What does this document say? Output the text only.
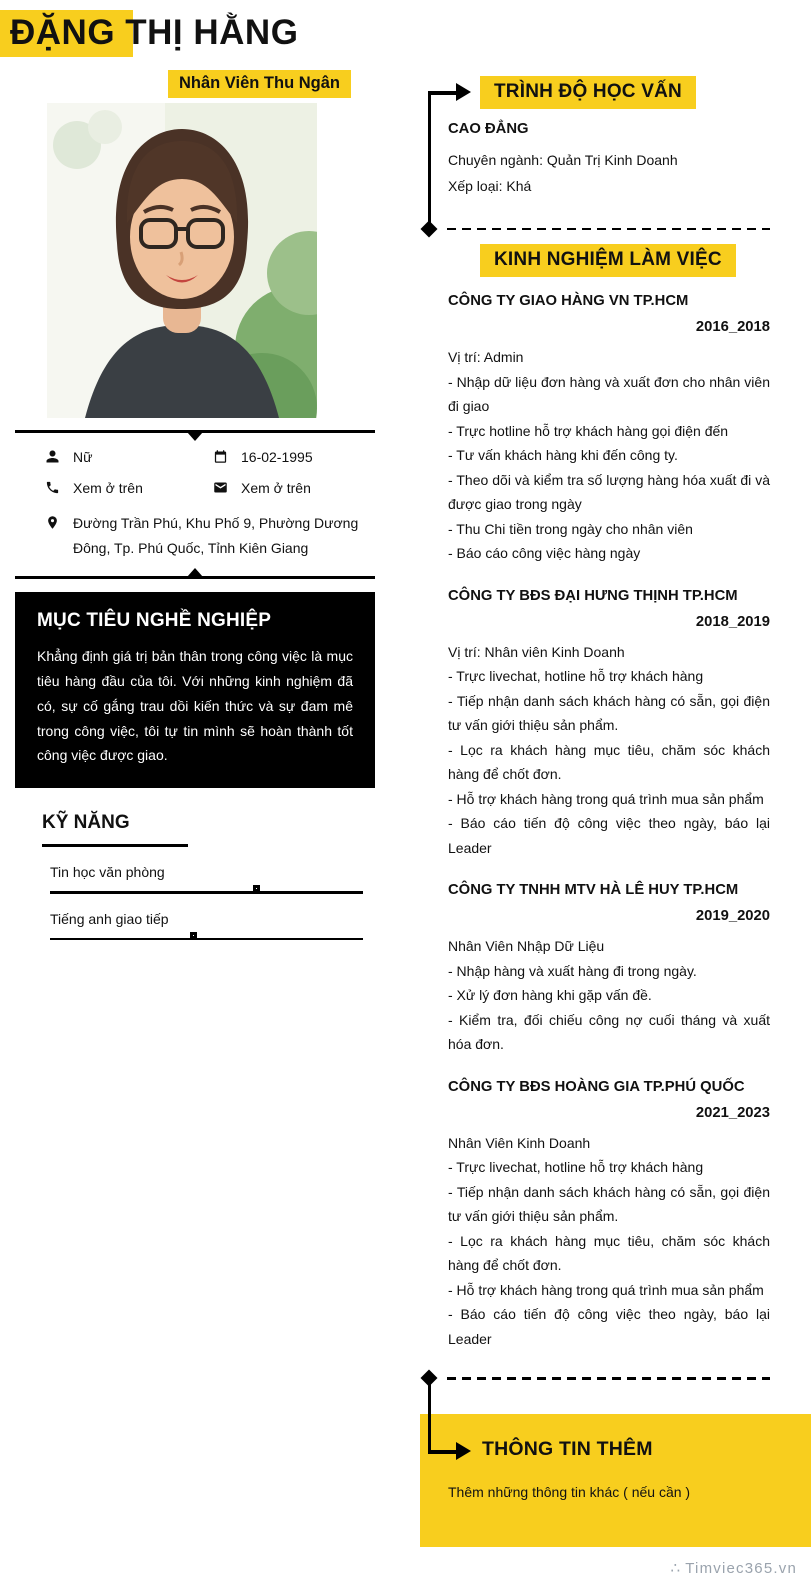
ĐẶNG THỊ HẰNG
Nhân Viên Thu Ngân
Nữ	16-02-1995
Xem ở trên	Xem ở trên
Đường Trần Phú, Khu Phố 9, Phường Dương Đông, Tp. Phú Quốc, Tỉnh Kiên Giang
MỤC TIÊU NGHỀ NGHIỆP
Khẳng định giá trị bản thân trong công việc là mục tiêu hàng đầu của tôi. Với những kinh nghiệm đã có, sự cố gắng trau dồi kiến thức và sự đam mê trong công việc, tôi tự tin mình sẽ hoàn thành tốt công việc được giao.
KỸ NĂNG
Tin học văn phòng
Tiếng anh giao tiếp
TRÌNH ĐỘ HỌC VẤN
CAO ĐẲNG
Chuyên ngành: Quản Trị Kinh Doanh
Xếp loại: Khá
KINH NGHIỆM LÀM VIỆC
CÔNG TY GIAO HÀNG VN TP.HCM
2016_2018
Vị trí: Admin
- Nhập dữ liệu đơn hàng và xuất đơn cho nhân viên đi giao
- Trực hotline hỗ trợ khách hàng gọi điện đến
- Tư vấn khách hàng khi đến công ty.
- Theo dõi và kiểm tra số lượng hàng hóa xuất đi và được giao trong ngày
- Thu Chi tiền trong ngày cho nhân viên
- Báo cáo công việc hàng ngày
CÔNG TY BĐS ĐẠI HƯNG THỊNH TP.HCM
2018_2019
Vị trí: Nhân viên Kinh Doanh
- Trực livechat, hotline hỗ trợ khách hàng
- Tiếp nhận danh sách khách hàng có sẵn, gọi điện tư vấn giới thiệu sản phẩm.
- Lọc ra khách hàng mục tiêu, chăm sóc khách hàng để chốt đơn.
- Hỗ trợ khách hàng trong quá trình mua sản phẩm
- Báo cáo tiến độ công việc theo ngày, báo lại Leader
CÔNG TY TNHH MTV HÀ LÊ HUY TP.HCM
2019_2020
Nhân Viên Nhập Dữ Liệu
- Nhập hàng và xuất hàng đi trong ngày.
- Xử lý đơn hàng khi gặp vấn đề.
- Kiểm tra, đối chiếu công nợ cuối tháng và xuất hóa đơn.
CÔNG TY BĐS HOÀNG GIA TP.PHÚ QUỐC
2021_2023
Nhân Viên Kinh Doanh
- Trực livechat, hotline hỗ trợ khách hàng
- Tiếp nhận danh sách khách hàng có sẵn, gọi điện tư vấn giới thiệu sản phẩm.
- Lọc ra khách hàng mục tiêu, chăm sóc khách hàng để chốt đơn.
- Hỗ trợ khách hàng trong quá trình mua sản phẩm
- Báo cáo tiến độ công việc theo ngày, báo lại Leader
THÔNG TIN THÊM
Thêm những thông tin khác ( nếu cần )
∴ Timviec365.vn
